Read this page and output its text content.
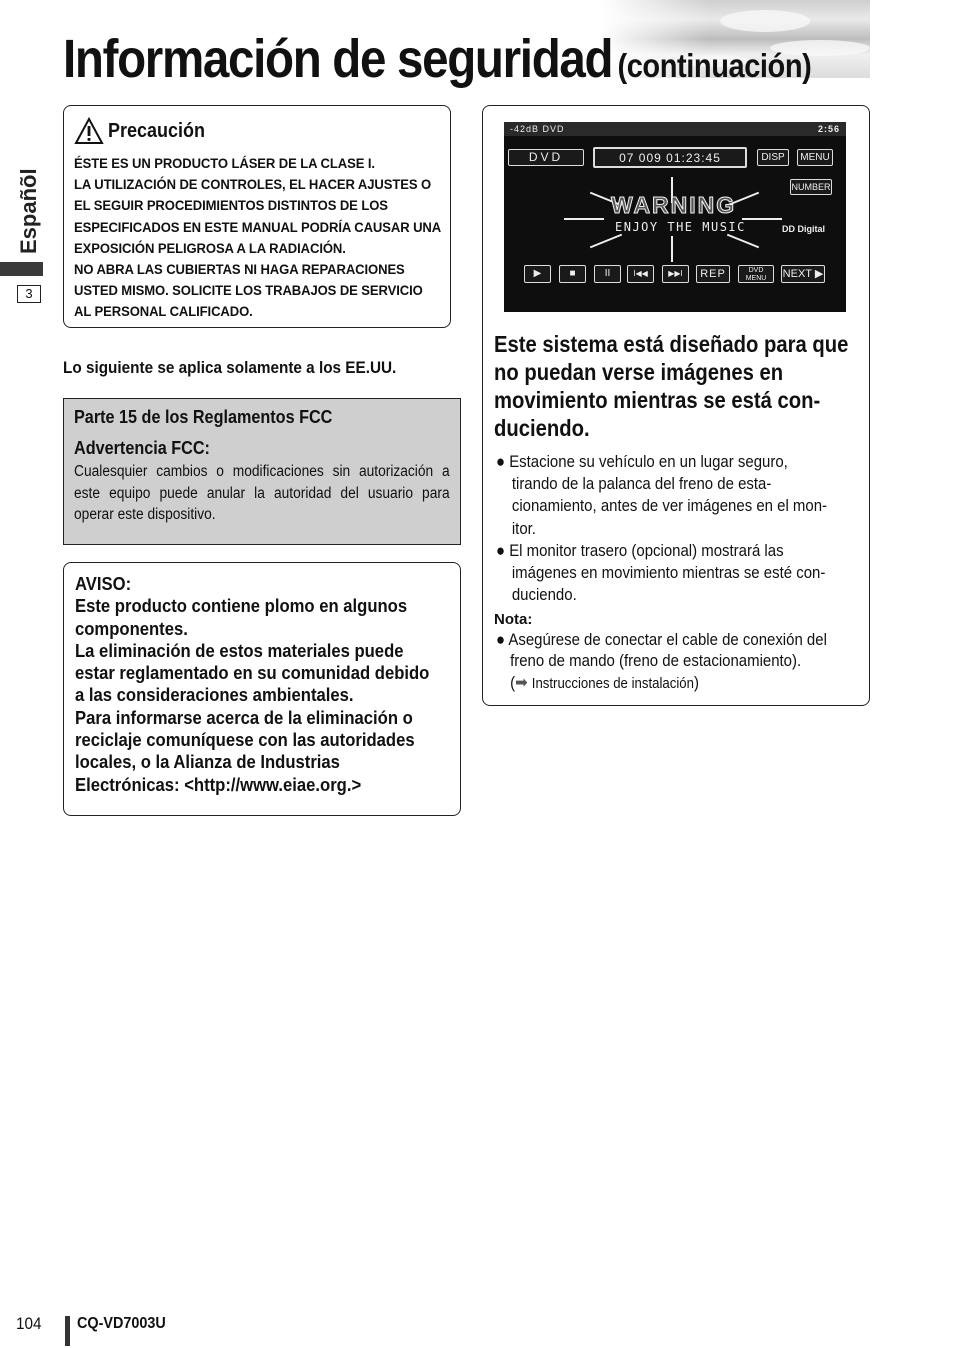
Información de seguridad (continuación)
Españõl
3
Precaución
ÉSTE ES UN PRODUCTO LÁSER DE LA CLASE I.
LA UTILIZACIÓN DE CONTROLES, EL HACER AJUSTES O
EL SEGUIR PROCEDIMIENTOS DISTINTOS DE LOS
ESPECIFICADOS EN ESTE MANUAL PODRÍA CAUSAR UNA
EXPOSICIÓN PELIGROSA A LA RADIACIÓN.
NO ABRA LAS CUBIERTAS NI HAGA REPARACIONES
USTED MISMO. SOLICITE LOS TRABAJOS DE SERVICIO
AL PERSONAL CALIFICADO.
Lo siguiente se aplica solamente a los EE.UU.
Parte 15 de los Reglamentos FCC
Advertencia FCC:
Cualesquier cambios o modificaciones sin autorización a este equipo puede anular la autoridad del usuario para operar este dispositivo.
AVISO:
Este producto contiene plomo en algunos
componentes.
La eliminación de estos materiales puede
estar reglamentado en su comunidad debido
a las consideraciones ambientales.
Para informarse acerca de la eliminación o
reciclaje comuníquese con las autoridades
locales, o la Alianza de Industrias
Electrónicas: <http://www.eiae.org.>
-42dB DVD	2:56
DVD	07 009 01:23:45	DISP	MENU
NUMBER
WARNING
ENJOY THE MUSIC	DD Digital
▶	■	II	I◀◀	▶▶I	REP	DVD MENU	NEXT ▶
Este sistema está diseñado para que
no puedan verse imágenes en
movimiento mientras se está con-
duciendo.
● Estacione su vehículo en un lugar seguro,
tirando de la palanca del freno de esta-
cionamiento, antes de ver imágenes en el mon-
itor.
● El monitor trasero (opcional) mostrará las
imágenes en movimiento mientras se esté con-
duciendo.
Nota:
● Asegúrese de conectar el cable de conexión del
freno de mando (freno de estacionamiento).
(➡ Instrucciones de instalación)
104 CQ-VD7003U
